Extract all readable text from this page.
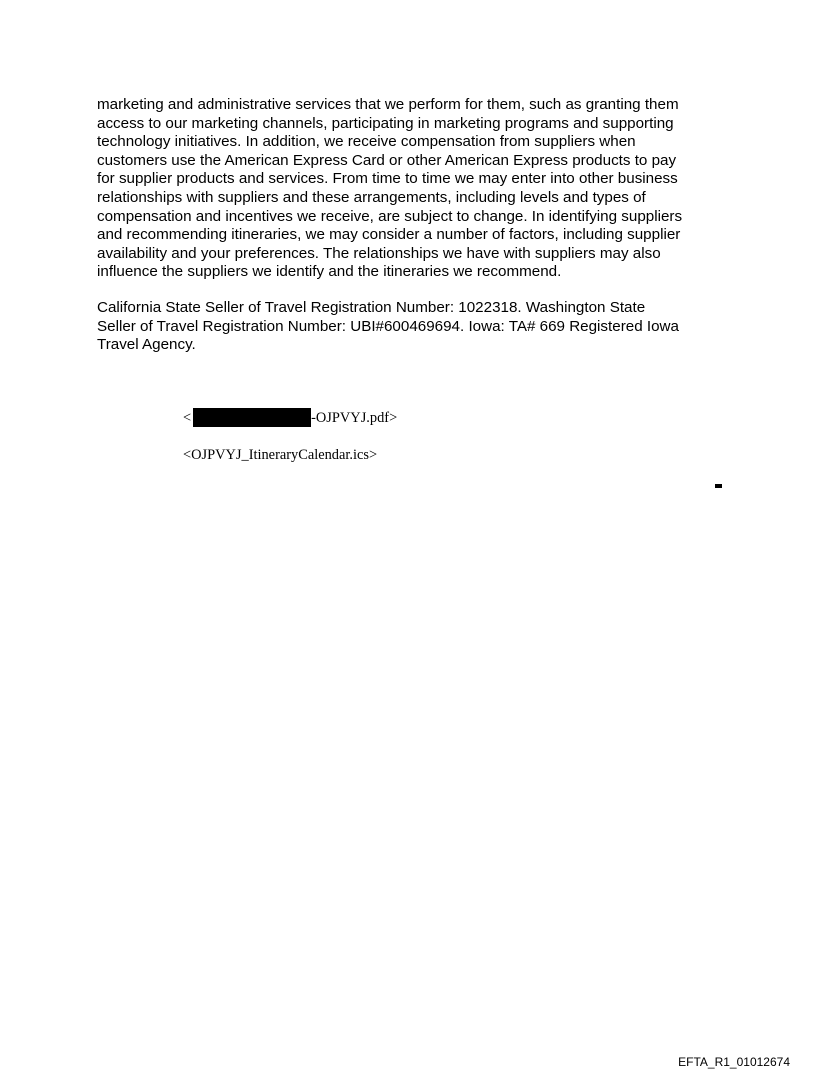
marketing and administrative services that we perform for them, such as granting them
access to our marketing channels, participating in marketing programs and supporting
technology initiatives. In addition, we receive compensation from suppliers when
customers use the American Express Card or other American Express products to pay
for supplier products and services. From time to time we may enter into other business
relationships with suppliers and these arrangements, including levels and types of
compensation and incentives we receive, are subject to change. In identifying suppliers
and recommending itineraries, we may consider a number of factors, including supplier
availability and your preferences. The relationships we have with suppliers may also
influence the suppliers we identify and the itineraries we recommend.

California State Seller of Travel Registration Number: 1022318. Washington State
Seller of Travel Registration Number: UBI#600469694. Iowa: TA# 669 Registered Iowa
Travel Agency.

<	-OJPVYJ.pdf>
<OJPVYJ_ItineraryCalendar.ics>
EFTA_R1_01012674
